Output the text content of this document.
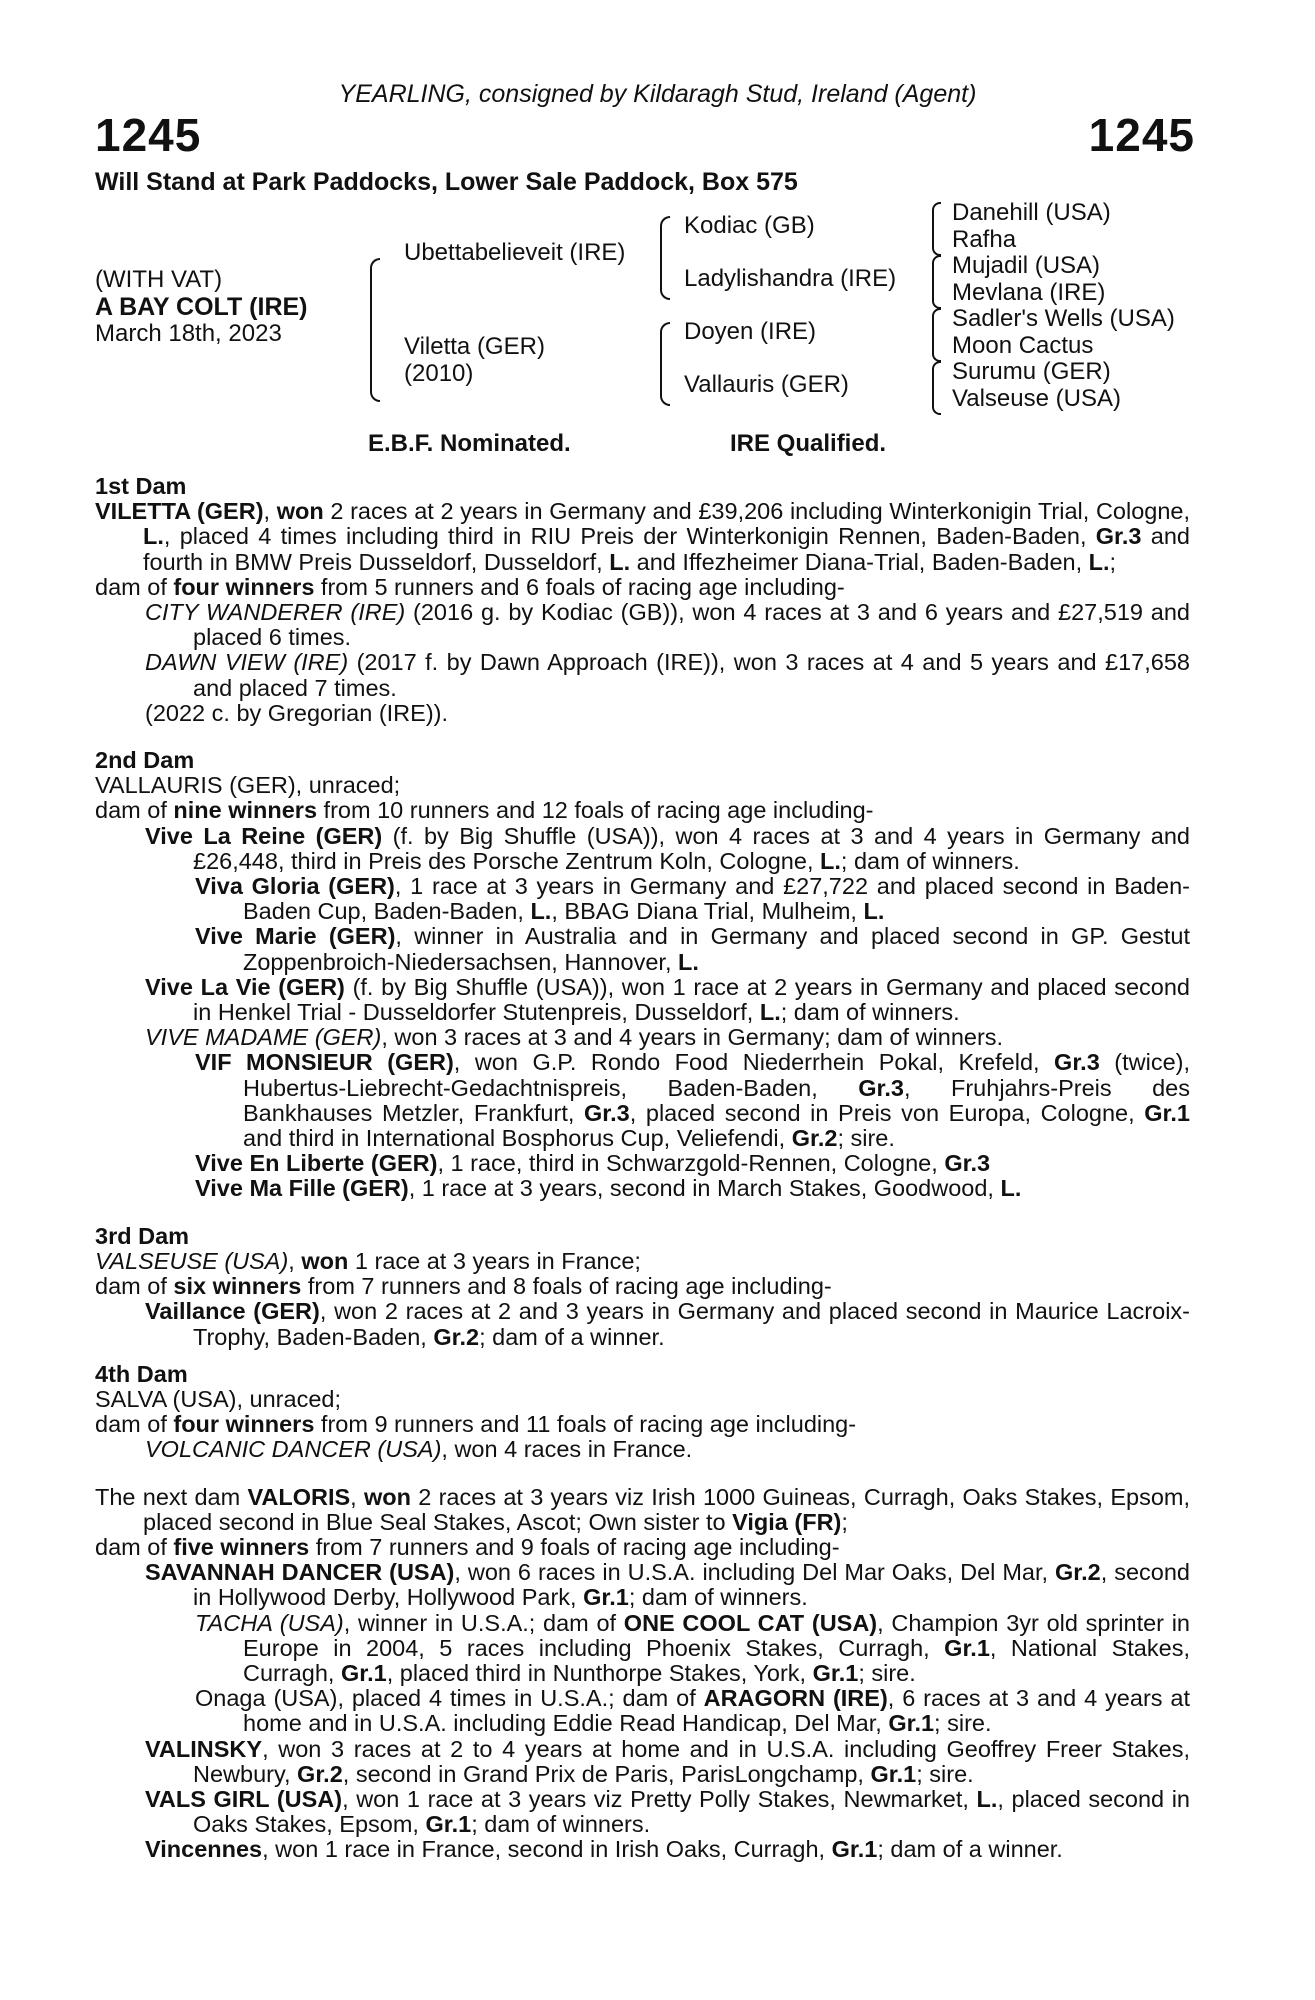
YEARLING, consigned by Kildaragh Stud, Ireland (Agent)
1245	1245
Will Stand at Park Paddocks, Lower Sale Paddock, Box 575
(WITH VAT)
A BAY COLT (IRE)
March 18th, 2023
Ubettabelieveit (IRE)
Viletta (GER)
(2010)
Kodiac (GB)
Ladylishandra (IRE)
Doyen (IRE)
Vallauris (GER)
Danehill (USA)
Rafha
Mujadil (USA)
Mevlana (IRE)
Sadler's Wells (USA)
Moon Cactus
Surumu (GER)
Valseuse (USA)
E.B.F. Nominated.	IRE Qualified.
1st Dam
VILETTA (GER), won 2 races at 2 years in Germany and £39,206 including Winterkonigin Trial, Cologne, L., placed 4 times including third in RIU Preis der Winterkonigin Rennen, Baden-Baden, Gr.3 and fourth in BMW Preis Dusseldorf, Dusseldorf, L. and Iffezheimer Diana-Trial, Baden-Baden, L.;
dam of four winners from 5 runners and 6 foals of racing age including-
CITY WANDERER (IRE) (2016 g. by Kodiac (GB)), won 4 races at 3 and 6 years and £27,519 and placed 6 times.
DAWN VIEW (IRE) (2017 f. by Dawn Approach (IRE)), won 3 races at 4 and 5 years and £17,658 and placed 7 times.
(2022 c. by Gregorian (IRE)).
2nd Dam
VALLAURIS (GER), unraced;
dam of nine winners from 10 runners and 12 foals of racing age including-
Vive La Reine (GER) (f. by Big Shuffle (USA)), won 4 races at 3 and 4 years in Germany and £26,448, third in Preis des Porsche Zentrum Koln, Cologne, L.; dam of winners.
Viva Gloria (GER), 1 race at 3 years in Germany and £27,722 and placed second in Baden-Baden Cup, Baden-Baden, L., BBAG Diana Trial, Mulheim, L.
Vive Marie (GER), winner in Australia and in Germany and placed second in GP. Gestut Zoppenbroich-Niedersachsen, Hannover, L.
Vive La Vie (GER) (f. by Big Shuffle (USA)), won 1 race at 2 years in Germany and placed second in Henkel Trial - Dusseldorfer Stutenpreis, Dusseldorf, L.; dam of winners.
VIVE MADAME (GER), won 3 races at 3 and 4 years in Germany; dam of winners.
VIF MONSIEUR (GER), won G.P. Rondo Food Niederrhein Pokal, Krefeld, Gr.3 (twice), Hubertus-Liebrecht-Gedachtnispreis, Baden-Baden, Gr.3, Fruhjahrs-Preis des Bankhauses Metzler, Frankfurt, Gr.3, placed second in Preis von Europa, Cologne, Gr.1 and third in International Bosphorus Cup, Veliefendi, Gr.2; sire.
Vive En Liberte (GER), 1 race, third in Schwarzgold-Rennen, Cologne, Gr.3
Vive Ma Fille (GER), 1 race at 3 years, second in March Stakes, Goodwood, L.
3rd Dam
VALSEUSE (USA), won 1 race at 3 years in France;
dam of six winners from 7 runners and 8 foals of racing age including-
Vaillance (GER), won 2 races at 2 and 3 years in Germany and placed second in Maurice Lacroix-Trophy, Baden-Baden, Gr.2; dam of a winner.
4th Dam
SALVA (USA), unraced;
dam of four winners from 9 runners and 11 foals of racing age including-
VOLCANIC DANCER (USA), won 4 races in France.
The next dam VALORIS, won 2 races at 3 years viz Irish 1000 Guineas, Curragh, Oaks Stakes, Epsom, placed second in Blue Seal Stakes, Ascot; Own sister to Vigia (FR);
dam of five winners from 7 runners and 9 foals of racing age including-
SAVANNAH DANCER (USA), won 6 races in U.S.A. including Del Mar Oaks, Del Mar, Gr.2, second in Hollywood Derby, Hollywood Park, Gr.1; dam of winners.
TACHA (USA), winner in U.S.A.; dam of ONE COOL CAT (USA), Champion 3yr old sprinter in Europe in 2004, 5 races including Phoenix Stakes, Curragh, Gr.1, National Stakes, Curragh, Gr.1, placed third in Nunthorpe Stakes, York, Gr.1; sire.
Onaga (USA), placed 4 times in U.S.A.; dam of ARAGORN (IRE), 6 races at 3 and 4 years at home and in U.S.A. including Eddie Read Handicap, Del Mar, Gr.1; sire.
VALINSKY, won 3 races at 2 to 4 years at home and in U.S.A. including Geoffrey Freer Stakes, Newbury, Gr.2, second in Grand Prix de Paris, ParisLongchamp, Gr.1; sire.
VALS GIRL (USA), won 1 race at 3 years viz Pretty Polly Stakes, Newmarket, L., placed second in Oaks Stakes, Epsom, Gr.1; dam of winners.
Vincennes, won 1 race in France, second in Irish Oaks, Curragh, Gr.1; dam of a winner.
